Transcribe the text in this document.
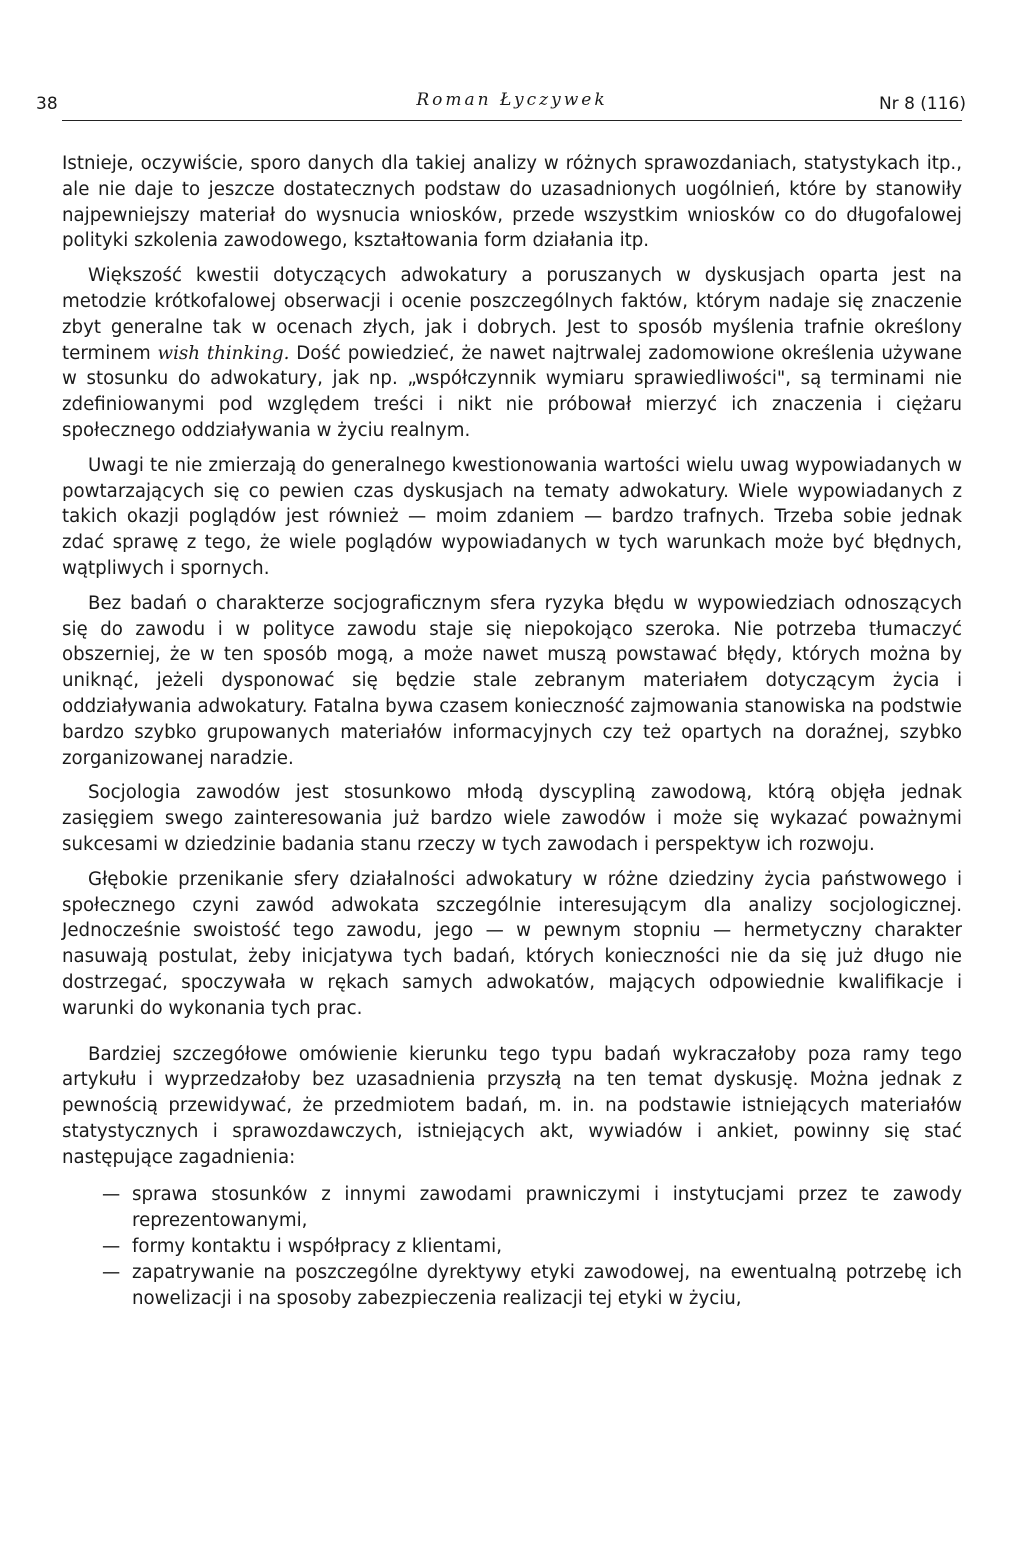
38	Roman Łyczywek	Nr 8 (116)

Istnieje, oczywiście, sporo danych dla takiej analizy w różnych sprawozdaniach, statystykach itp., ale nie daje to jeszcze dostatecznych podstaw do uzasadnionych uogólnień, które by stanowiły najpewniejszy materiał do wysnucia wniosków, przede wszystkim wniosków co do długofalowej polityki szkolenia zawodowego, kształtowania form działania itp.

Większość kwestii dotyczących adwokatury a poruszanych w dyskusjach oparta jest na metodzie krótkofalowej obserwacji i ocenie poszczególnych faktów, którym nadaje się znaczenie zbyt generalne tak w ocenach złych, jak i dobrych. Jest to sposób myślenia trafnie określony terminem wish thinking. Dość powiedzieć, że nawet najtrwalej zadomowione określenia używane w stosunku do adwokatury, jak np. „współczynnik wymiaru sprawiedliwości", są terminami nie zdefiniowanymi pod względem treści i nikt nie próbował mierzyć ich znaczenia i ciężaru społecznego oddziaływania w życiu realnym.

Uwagi te nie zmierzają do generalnego kwestionowania wartości wielu uwag wypowiadanych w powtarzających się co pewien czas dyskusjach na tematy adwokatury. Wiele wypowiadanych z takich okazji poglądów jest również — moim zdaniem — bardzo trafnych. Trzeba sobie jednak zdać sprawę z tego, że wiele poglądów wypowiadanych w tych warunkach może być błędnych, wątpliwych i spornych.

Bez badań o charakterze socjograficznym sfera ryzyka błędu w wypowiedziach odnoszących się do zawodu i w polityce zawodu staje się niepokojąco szeroka. Nie potrzeba tłumaczyć obszerniej, że w ten sposób mogą, a może nawet muszą powstawać błędy, których można by uniknąć, jeżeli dysponować się będzie stale zebranym materiałem dotyczącym życia i oddziaływania adwokatury. Fatalna bywa czasem konieczność zajmowania stanowiska na podstwie bardzo szybko grupowanych materiałów informacyjnych czy też opartych na doraźnej, szybko zorganizowanej naradzie.

Socjologia zawodów jest stosunkowo młodą dyscypliną zawodową, którą objęła jednak zasięgiem swego zainteresowania już bardzo wiele zawodów i może się wykazać poważnymi sukcesami w dziedzinie badania stanu rzeczy w tych zawodach i perspektyw ich rozwoju.

Głębokie przenikanie sfery działalności adwokatury w różne dziedziny życia państwowego i społecznego czyni zawód adwokata szczególnie interesującym dla analizy socjologicznej. Jednocześnie swoistość tego zawodu, jego — w pewnym stopniu — hermetyczny charakter nasuwają postulat, żeby inicjatywa tych badań, których konieczności nie da się już długo nie dostrzegać, spoczywała w rękach samych adwokatów, mających odpowiednie kwalifikacje i warunki do wykonania tych prac.

Bardziej szczegółowe omówienie kierunku tego typu badań wykraczałoby poza ramy tego artykułu i wyprzedzałoby bez uzasadnienia przyszłą na ten temat dyskusję. Można jednak z pewnością przewidywać, że przedmiotem badań, m. in. na podstawie istniejących materiałów statystycznych i sprawozdawczych, istniejących akt, wywiadów i ankiet, powinny się stać następujące zagadnienia:

— sprawa stosunków z innymi zawodami prawniczymi i instytucjami przez te zawody reprezentowanymi,
— formy kontaktu i współpracy z klientami,
— zapatrywanie na poszczególne dyrektywy etyki zawodowej, na ewentualną potrzebę ich nowelizacji i na sposoby zabezpieczenia realizacji tej etyki w życiu,
